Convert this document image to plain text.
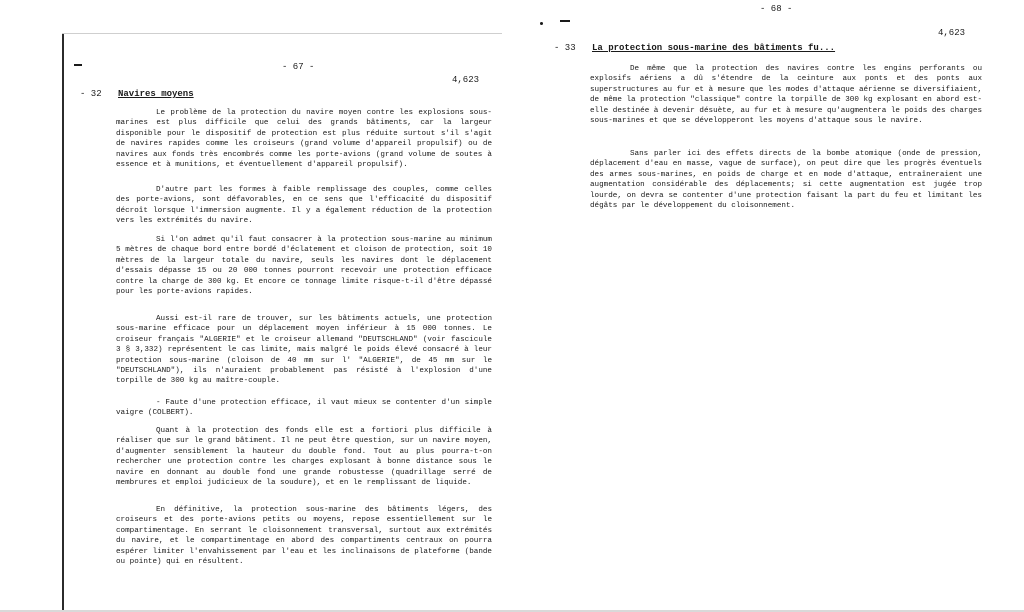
- 67 -
4,623
- 32 Navires moyens
Le problème de la protection du navire moyen contre les explosions sous-marines est plus difficile que celui des grands bâtiments, car la largeur disponible pour le dispositif de protection est plus réduite surtout s'il s'agit de navires rapides comme les croiseurs (grand volume d'appareil propulsif) ou de navires aux fonds très encombrés comme les porte-avions (grand volume de soutes à essence et à munitions, et éventuellement d'appareil propulsif).
D'autre part les formes à faible remplissage des couples, comme celles des porte-avions, sont défavorables, en ce sens que l'efficacité du dispositif décroît lorsque l'immersion augmente. Il y a également réduction de la protection vers les extrémités du navire.
Si l'on admet qu'il faut consacrer à la protection sous-marine au minimum 5 mètres de chaque bord entre bordé d'éclatement et cloison de protection, soit 10 mètres de la largeur totale du navire, seuls les navires dont le déplacement d'essais dépasse 15 ou 20 000 tonnes pourront recevoir une protection efficace contre la charge de 300 kg. Et encore ce tonnage limite risque-t-il d'être dépassé pour les porte-avions rapides.
Aussi est-il rare de trouver, sur les bâtiments actuels, une protection sous-marine efficace pour un déplacement moyen inférieur à 15 000 tonnes. Le croiseur français "ALGERIE" et le croiseur allemand "DEUTSCHLAND" (voir fascicule 3 § 3,332) représentent le cas limite, mais malgré le poids élevé consacré à leur protection sous-marine (cloison de 40 mm sur l' "ALGERIE", de 45 mm sur le "DEUTSCHLAND"), ils n'auraient probablement pas résisté à l'explosion d'une torpille de 300 kg au maître-couple.
- Faute d'une protection efficace, il vaut mieux se contenter d'un simple vaigre (COLBERT).
Quant à la protection des fonds elle est a fortiori plus difficile à réaliser que sur le grand bâtiment. Il ne peut être question, sur un navire moyen, d'augmenter sensiblement la hauteur du double fond. Tout au plus pourra-t-on rechercher une protection contre les charges explosant à bonne distance sous le navire en donnant au double fond une grande robustesse (quadrillage serré de membrures et emploi judicieux de la soudure), et en le remplissant de liquide.
En définitive, la protection sous-marine des bâtiments légers, des croiseurs et des porte-avions petits ou moyens, repose essentiellement sur le compartimentage. En serrant le cloisonnement transversal, surtout aux extrémités du navire, et le compartimentage en abord des compartiments centraux on pourra espérer limiter l'envahissement par l'eau et les inclinaisons de plateforme (bande ou pointe) qui en résultent.
- 68 -
4,623
- 33 La protection sous-marine des bâtiments fu...
De même que la protection des navires contre les engins perforants ou explosifs aériens a dû s'étendre de la ceinture aux ponts et des ponts aux superstructures au fur et à mesure que les modes d'attaque aérienne se diversifiaient, de même la protection "classique" contre la torpille de 300 kg explosant en abord est-elle destinée à devenir désuète, au fur et à mesure qu'augmentera le poids des charges sous-marines et que se développeront les moyens d'attaque sous le navire.
Sans parler ici des effets directs de la bombe atomique (onde de pression, déplacement d'eau en masse, vague de surface), on peut dire que les progrès éventuels des armes sous-marines, en poids de charge et en mode d'attaque, entraîneraient une augmentation considérable des déplacements; si cette augmentation est jugée trop lourde, on devra se contenter d'une protection faisant la part du feu et limitant les dégâts par le développement du cloisonnement.
